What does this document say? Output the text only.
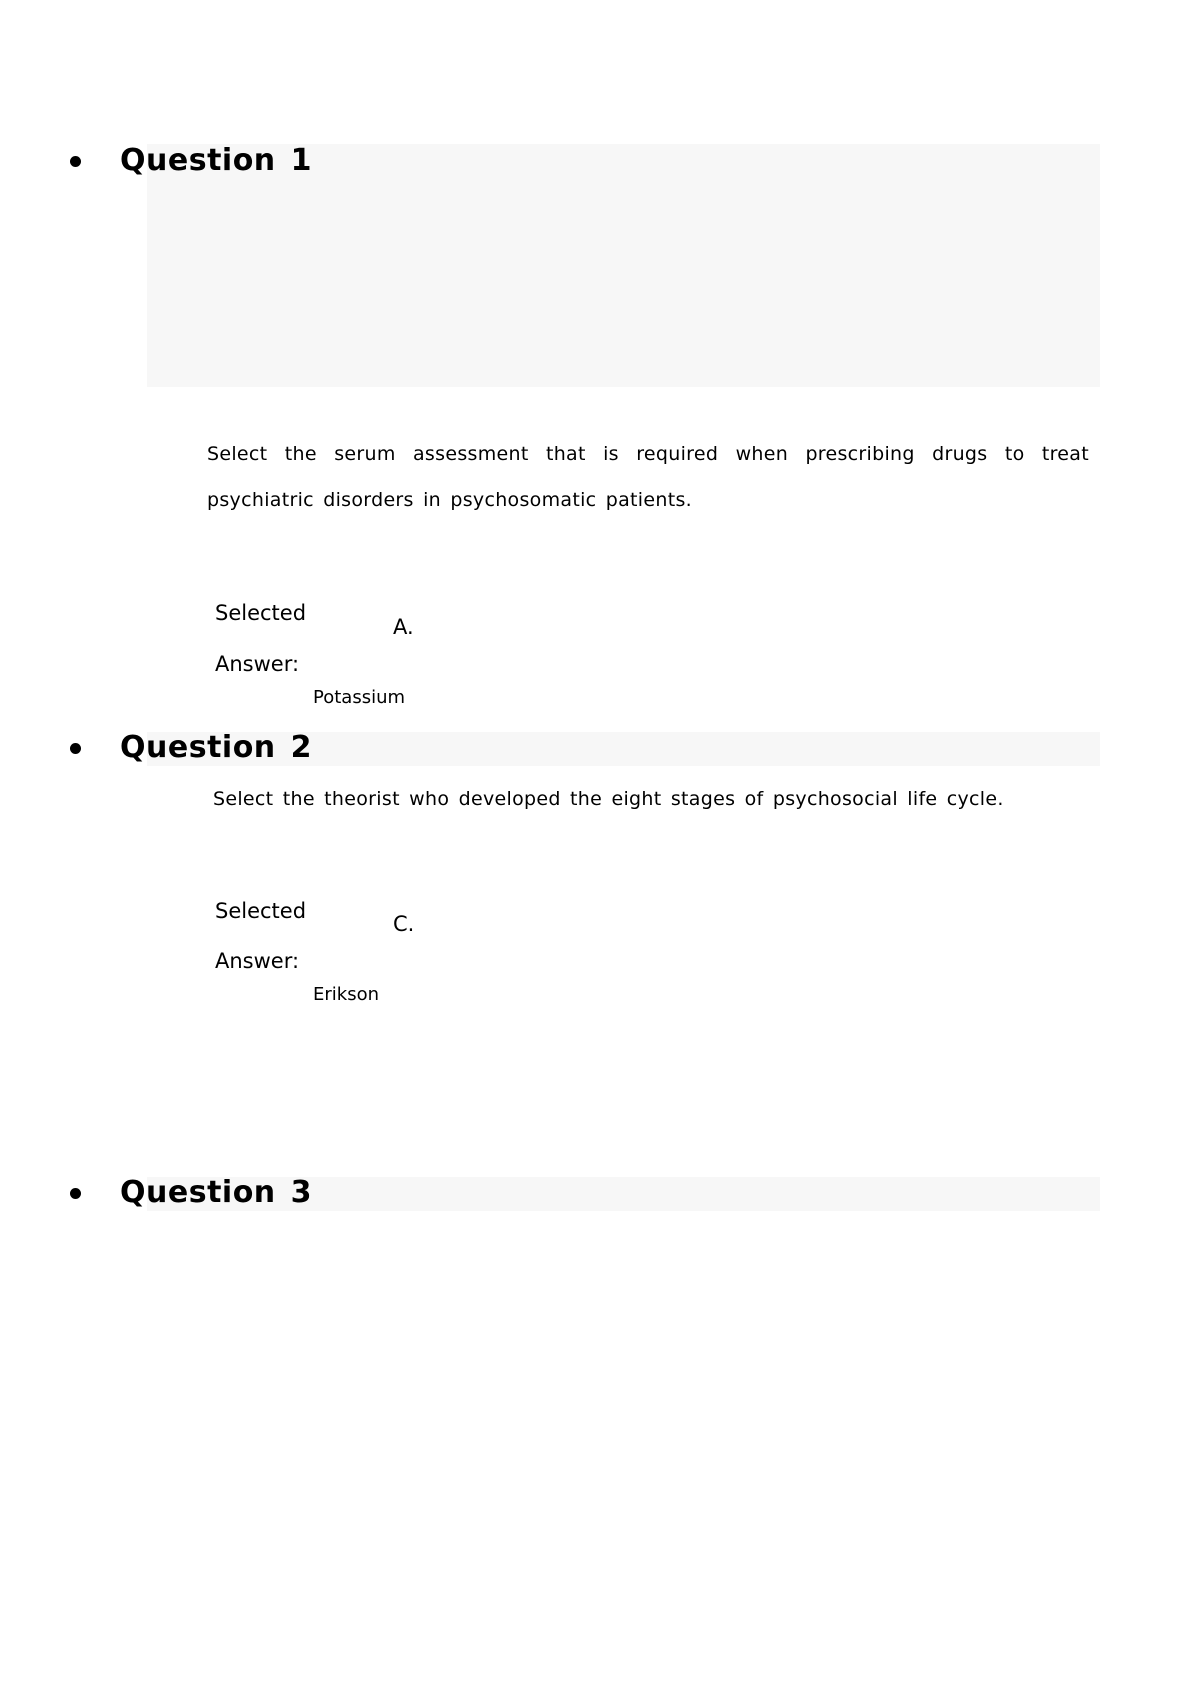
Question 1
Select the serum assessment that is required when prescribing drugs to treat psychiatric disorders in psychosomatic patients.
Selected
Answer:
A.
Potassium
Question 2
Select the theorist who developed the eight stages of psychosocial life cycle.
Selected
Answer:
C.
Erikson
Question 3
